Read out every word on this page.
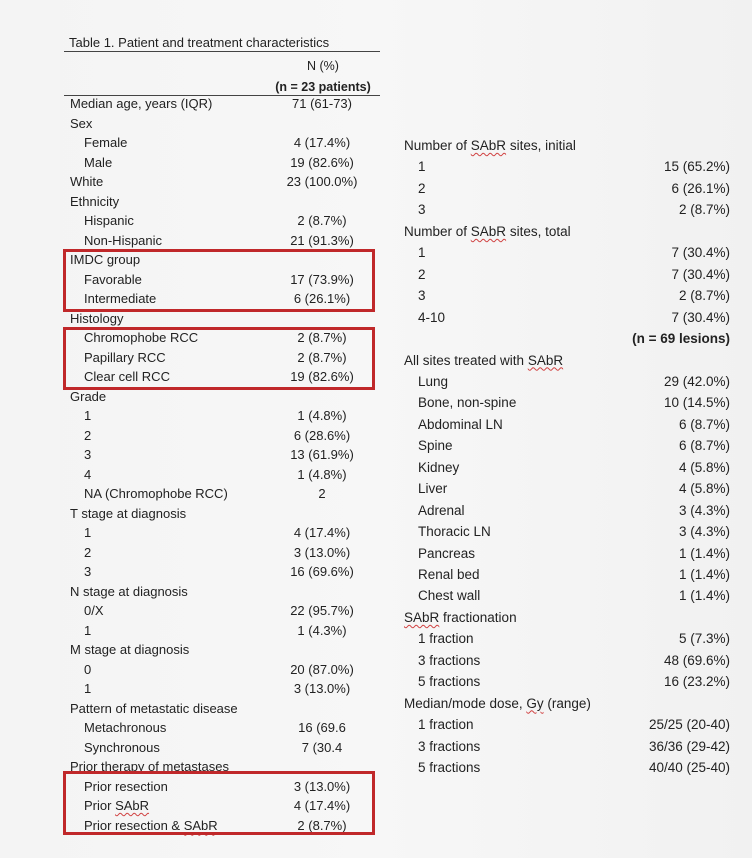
Table 1. Patient and treatment characteristics
N (%)
(n = 23 patients)
Median age, years (IQR)	71 (61-73)
Sex
Female	4 (17.4%)
Male	19 (82.6%)
White	23 (100.0%)
Ethnicity
Hispanic	2 (8.7%)
Non-Hispanic	21 (91.3%)
IMDC group
Favorable	17 (73.9%)
Intermediate	6 (26.1%)
Histology
Chromophobe RCC	2 (8.7%)
Papillary RCC	2 (8.7%)
Clear cell RCC	19 (82.6%)
Grade
1	1 (4.8%)
2	6 (28.6%)
3	13 (61.9%)
4	1 (4.8%)
NA (Chromophobe RCC)	2
T stage at diagnosis
1	4 (17.4%)
2	3 (13.0%)
3	16 (69.6%)
N stage at diagnosis
0/X	22 (95.7%)
1	1 (4.3%)
M stage at diagnosis
0	20 (87.0%)
1	3 (13.0%)
Pattern of metastatic disease
Metachronous	16 (69.6
Synchronous	7 (30.4
Prior therapy of metastases
Prior resection	3 (13.0%)
Prior SAbR	4 (17.4%)
Prior resection & SAbR	2 (8.7%)
Number of SAbR sites, initial
1	15 (65.2%)
2	6 (26.1%)
3	2 (8.7%)
Number of SAbR sites, total
1	7 (30.4%)
2	7 (30.4%)
3	2 (8.7%)
4-10	7 (30.4%)
(n = 69 lesions)
All sites treated with SAbR
Lung	29 (42.0%)
Bone, non-spine	10 (14.5%)
Abdominal LN	6 (8.7%)
Spine	6 (8.7%)
Kidney	4 (5.8%)
Liver	4 (5.8%)
Adrenal	3 (4.3%)
Thoracic LN	3 (4.3%)
Pancreas	1 (1.4%)
Renal bed	1 (1.4%)
Chest wall	1 (1.4%)
SAbR fractionation
1 fraction	5 (7.3%)
3 fractions	48 (69.6%)
5 fractions	16 (23.2%)
Median/mode dose, Gy (range)
1 fraction	25/25 (20-40)
3 fractions	36/36 (29-42)
5 fractions	40/40 (25-40)
